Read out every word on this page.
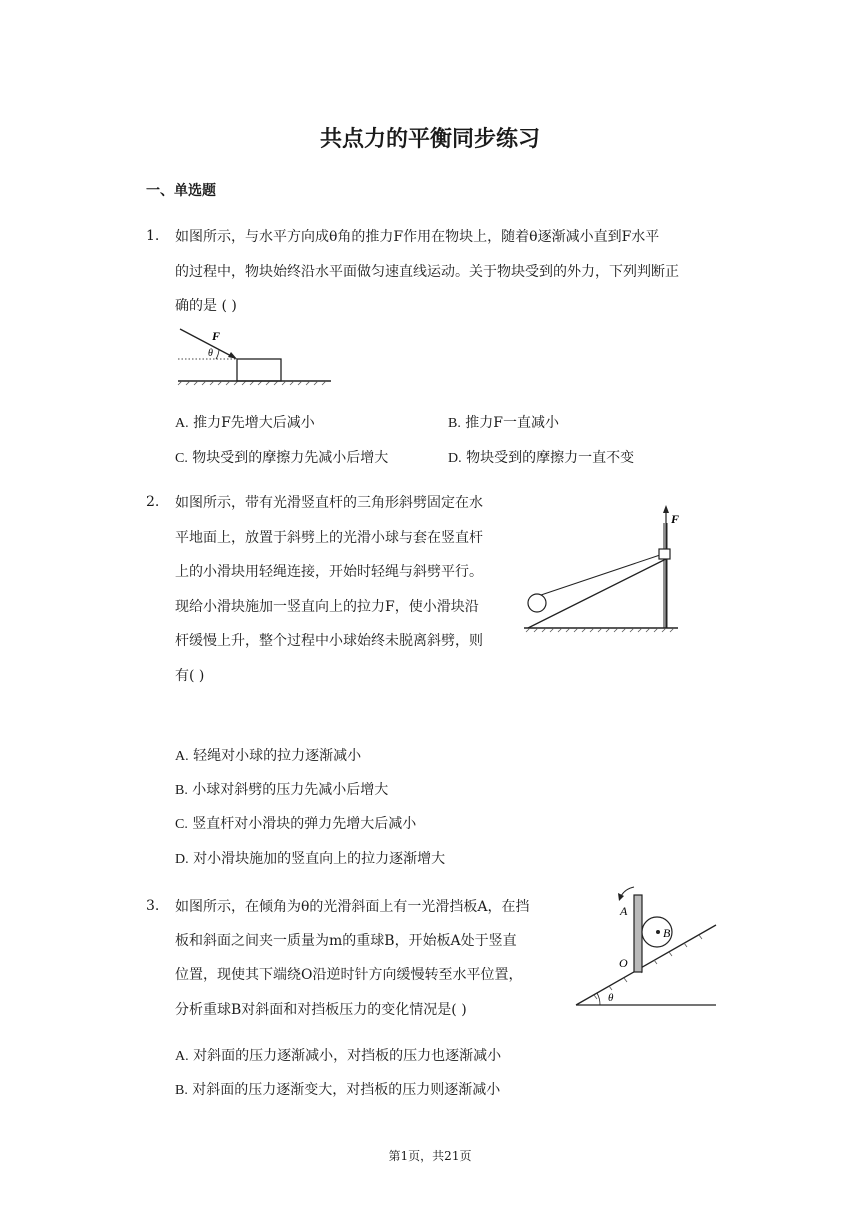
共点力的平衡同步练习
一、单选题
1. 如图所示，与水平方向成θ角的推力F作用在物块上，随着θ逐渐减小直到F水平
的过程中，物块始终沿水平面做匀速直线运动。关于物块受到的外力，下列判断正
确的是 ( )
F
θ
A. 推力F先增大后减小	B. 推力F一直减小
C. 物块受到的摩擦力先减小后增大	D. 物块受到的摩擦力一直不变
2. 如图所示，带有光滑竖直杆的三角形斜劈固定在水
平地面上，放置于斜劈上的光滑小球与套在竖直杆
上的小滑块用轻绳连接，开始时轻绳与斜劈平行。
现给小滑块施加一竖直向上的拉力F，使小滑块沿
杆缓慢上升，整个过程中小球始终未脱离斜劈，则
有( )
F
A. 轻绳对小球的拉力逐渐减小
B. 小球对斜劈的压力先减小后增大
C. 竖直杆对小滑块的弹力先增大后减小
D. 对小滑块施加的竖直向上的拉力逐渐增大
3. 如图所示，在倾角为θ的光滑斜面上有一光滑挡板A，在挡
板和斜面之间夹一质量为m的重球B，开始板A处于竖直
位置，现使其下端绕O沿逆时针方向缓慢转至水平位置，
分析重球B对斜面和对挡板压力的变化情况是( )
A
B
O
θ
A. 对斜面的压力逐渐减小，对挡板的压力也逐渐减小
B. 对斜面的压力逐渐变大，对挡板的压力则逐渐减小
第1页，共21页
